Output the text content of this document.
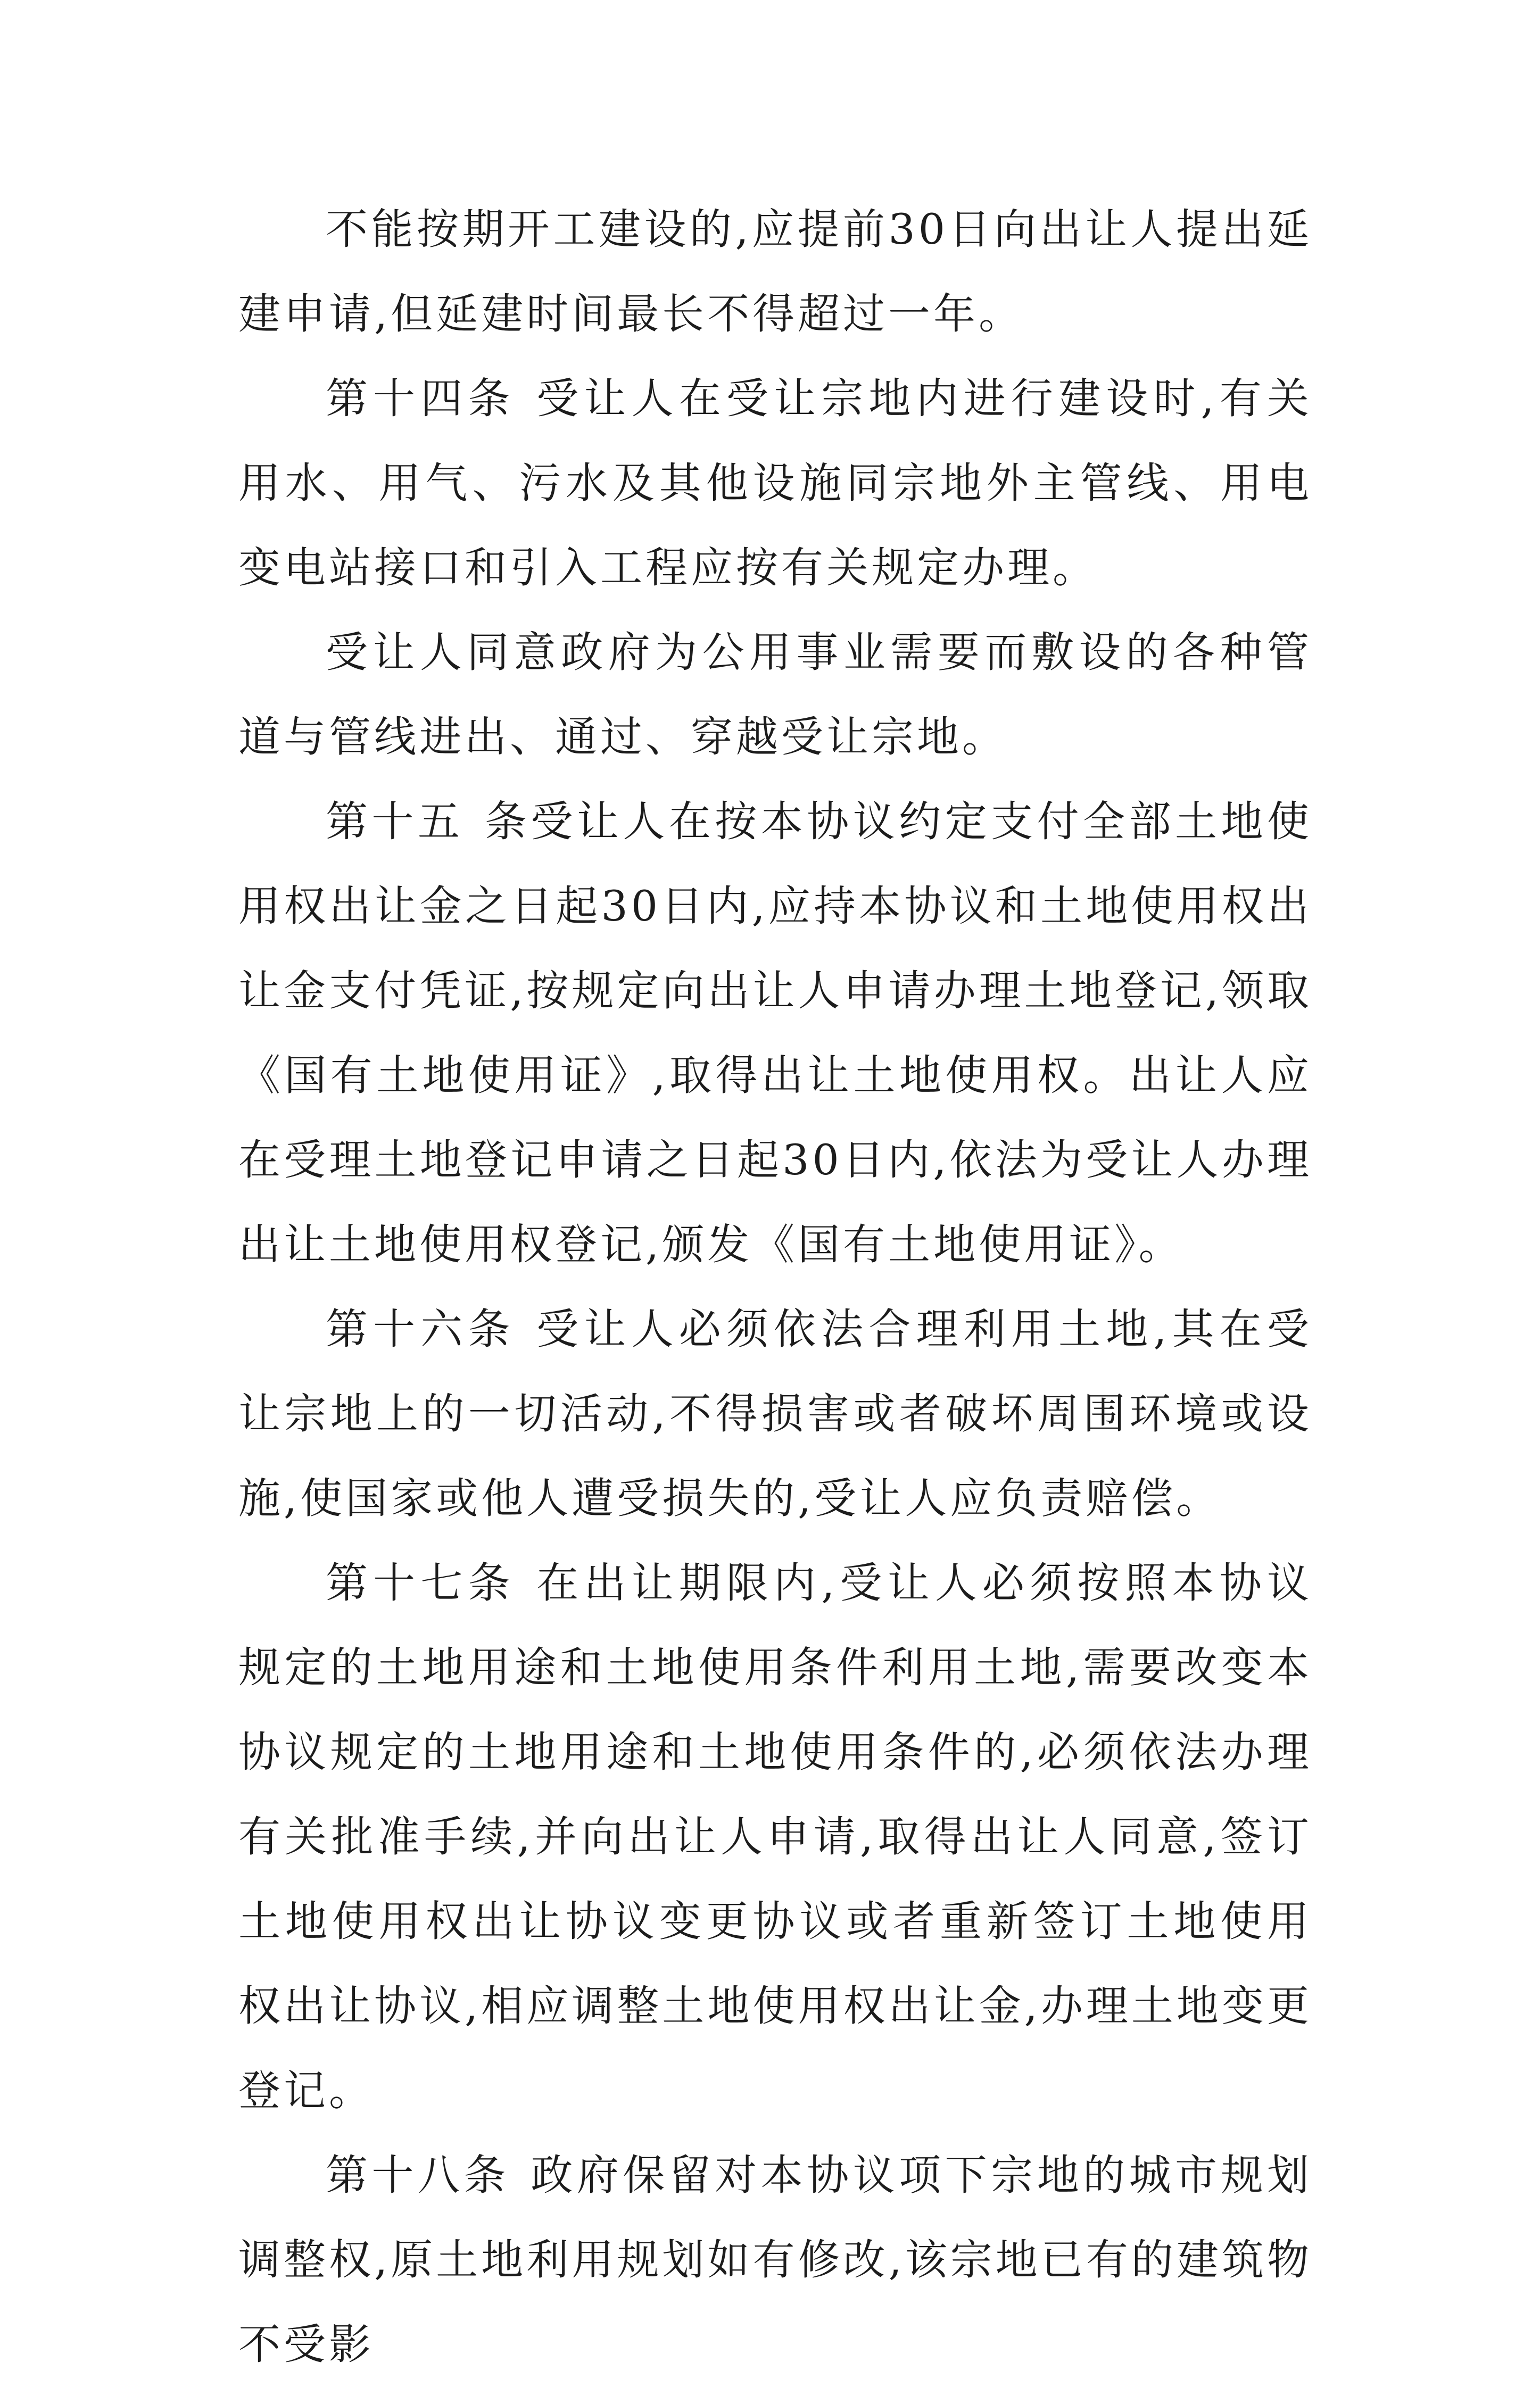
不能按期开工建设的,应提前30日向出让人提出延建申请,但延建时间最长不得超过一年。

第十四条 受让人在受让宗地内进行建设时,有关用水、用气、污水及其他设施同宗地外主管线、用电变电站接口和引入工程应按有关规定办理。

受让人同意政府为公用事业需要而敷设的各种管道与管线进出、通过、穿越受让宗地。

第十五 条受让人在按本协议约定支付全部土地使用权出让金之日起30日内,应持本协议和土地使用权出让金支付凭证,按规定向出让人申请办理土地登记,领取《国有土地使用证》,取得出让土地使用权。出让人应在受理土地登记申请之日起30日内,依法为受让人办理出让土地使用权登记,颁发《国有土地使用证》。

第十六条 受让人必须依法合理利用土地,其在受让宗地上的一切活动,不得损害或者破坏周围环境或设施,使国家或他人遭受损失的,受让人应负责赔偿。

第十七条 在出让期限内,受让人必须按照本协议规定的土地用途和土地使用条件利用土地,需要改变本协议规定的土地用途和土地使用条件的,必须依法办理有关批准手续,并向出让人申请,取得出让人同意,签订土地使用权出让协议变更协议或者重新签订土地使用权出让协议,相应调整土地使用权出让金,办理土地变更登记。

第十八条 政府保留对本协议项下宗地的城市规划调整权,原土地利用规划如有修改,该宗地已有的建筑物不受影
